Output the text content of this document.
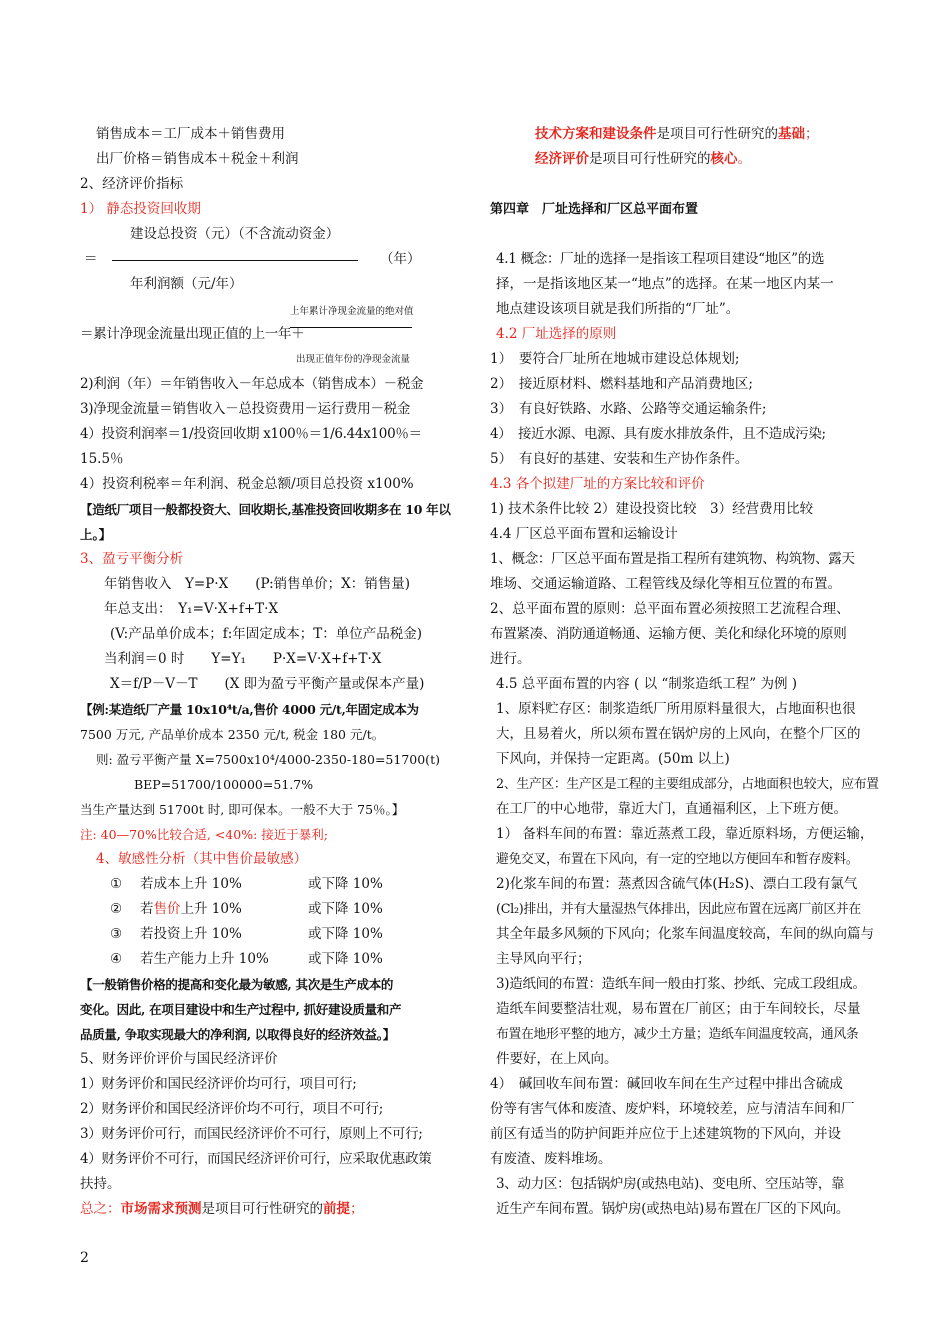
销售成本＝工厂成本＋销售费用
出厂价格＝销售成本＋税金＋利润
2、经济评价指标
1） 静态投资回收期
建设总投资（元）（不含流动资金）
＝	（年）
年利润额（元/年）
上年累计净现金流量的绝对值
＝累计净现金流量出现正值的上一年＋
出现正值年份的净现金流量
2)利润（年）＝年销售收入－年总成本（销售成本）－税金
3)净现金流量＝销售收入－总投资费用－运行费用－税金
4）投资利润率＝1/投资回收期 x100％＝1/6.44x100％＝
15.5％
4）投资利税率＝年利润、税金总额/项目总投资 x100%
【造纸厂项目一般都投资大、回收期长,基准投资回收期多在 10 年以
上。】
3、盈亏平衡分析
年销售收入　Y=P·X　　(P:销售单价；X：销售量)
年总支出：　Y₁=V·X+f+T·X
(V:产品单价成本；f:年固定成本；T：单位产品税金)
当利润＝0 时　　Y=Y₁　　P·X=V·X+f+T·X
X＝f/P－V－T　　(X 即为盈亏平衡产量或保本产量)
【例:某造纸厂产量 10x10⁴t/a,售价 4000 元/t,年固定成本为
7500 万元, 产品单价成本 2350 元/t, 税金 180 元/t。
则: 盈亏平衡产量 X=7500x10⁴/4000-2350-180=51700(t)
BEP=51700/100000=51.7%
当生产量达到 51700t 时, 即可保本。一般不大于 75％。】
注: 40—70%比较合适, <40%: 接近于暴利;
4、敏感性分析（其中售价最敏感）
① 若成本上升 10%	或下降 10%
② 若售价上升 10%	或下降 10%
③ 若投资上升 10%	或下降 10%
④ 若生产能力上升 10%	或下降 10%
【一般销售价格的提高和变化最为敏感, 其次是生产成本的
变化。因此, 在项目建设中和生产过程中, 抓好建设质量和产
品质量, 争取实现最大的净利润, 以取得良好的经济效益。】
5、财务评价评价与国民经济评价
1）财务评价和国民经济评价均可行，项目可行;
2）财务评价和国民经济评价均不可行，项目不可行;
3）财务评价可行，而国民经济评价不可行，原则上不可行;
4）财务评价不可行，而国民经济评价可行，应采取优惠政策
扶持。
总之：市场需求预测是项目可行性研究的前提；
技术方案和建设条件是项目可行性研究的基础；
经济评价是项目可行性研究的核心。
第四章　厂址选择和厂区总平面布置
4.1 概念：厂址的选择一是指该工程项目建设“地区”的选
择，一是指该地区某一“地点”的选择。在某一地区内某一
地点建设该项目就是我们所指的“厂址”。
4.2 厂址选择的原则
1）　要符合厂址所在地城市建设总体规划;
2）　接近原材料、燃料基地和产品消费地区;
3）　有良好铁路、水路、公路等交通运输条件;
4）　接近水源、电源、具有废水排放条件，且不造成污染;
5）　有良好的基建、安装和生产协作条件。
4.3 各个拟建厂址的方案比较和评价
1) 技术条件比较 2）建设投资比较　3）经营费用比较
4.4 厂区总平面布置和运输设计
1、概念：厂区总平面布置是指工程所有建筑物、构筑物、露天
堆场、交通运输道路、工程管线及绿化等相互位置的布置。
2、总平面布置的原则：总平面布置必须按照工艺流程合理、
布置紧凑、消防通道畅通、运输方便、美化和绿化环境的原则
进行。
4.5 总平面布置的内容 ( 以 “制浆造纸工程” 为例 )
1、原料贮存区：制浆造纸厂所用原料量很大，占地面积也很
大，且易着火，所以须布置在锅炉房的上风向，在整个厂区的
下风向，并保持一定距离。(50m 以上)
2、生产区：生产区是工程的主要组成部分，占地面积也较大，应布置
在工厂的中心地带，靠近大门，直通福利区，上下班方便。
1） 备料车间的布置：靠近蒸煮工段，靠近原料场，方便运输，
避免交叉，布置在下风向，有一定的空地以方便回车和暂存废料。
2)化浆车间的布置：蒸煮因含硫气体(H₂S)、漂白工段有氯气
(Cl₂)排出，并有大量湿热气体排出，因此应布置在远离厂前区并在
其全年最多风频的下风向；化浆车间温度较高，车间的纵向篇与
主导风向平行；
3)造纸间的布置：造纸车间一般由打浆、抄纸、完成工段组成。
造纸车间要整洁壮观，易布置在厂前区；由于车间较长，尽量
布置在地形平整的地方，减少土方量；造纸车间温度较高，通风条
件要好，在上风向。
4）　碱回收车间布置：碱回收车间在生产过程中排出含硫成
份等有害气体和废渣、废炉料，环境较差，应与清洁车间和厂
前区有适当的防护间距并应位于上述建筑物的下风向，并设
有废渣、废料堆场。
3、动力区：包括锅炉房(或热电站)、变电所、空压站等，靠
近生产车间布置。锅炉房(或热电站)易布置在厂区的下风向。
2
